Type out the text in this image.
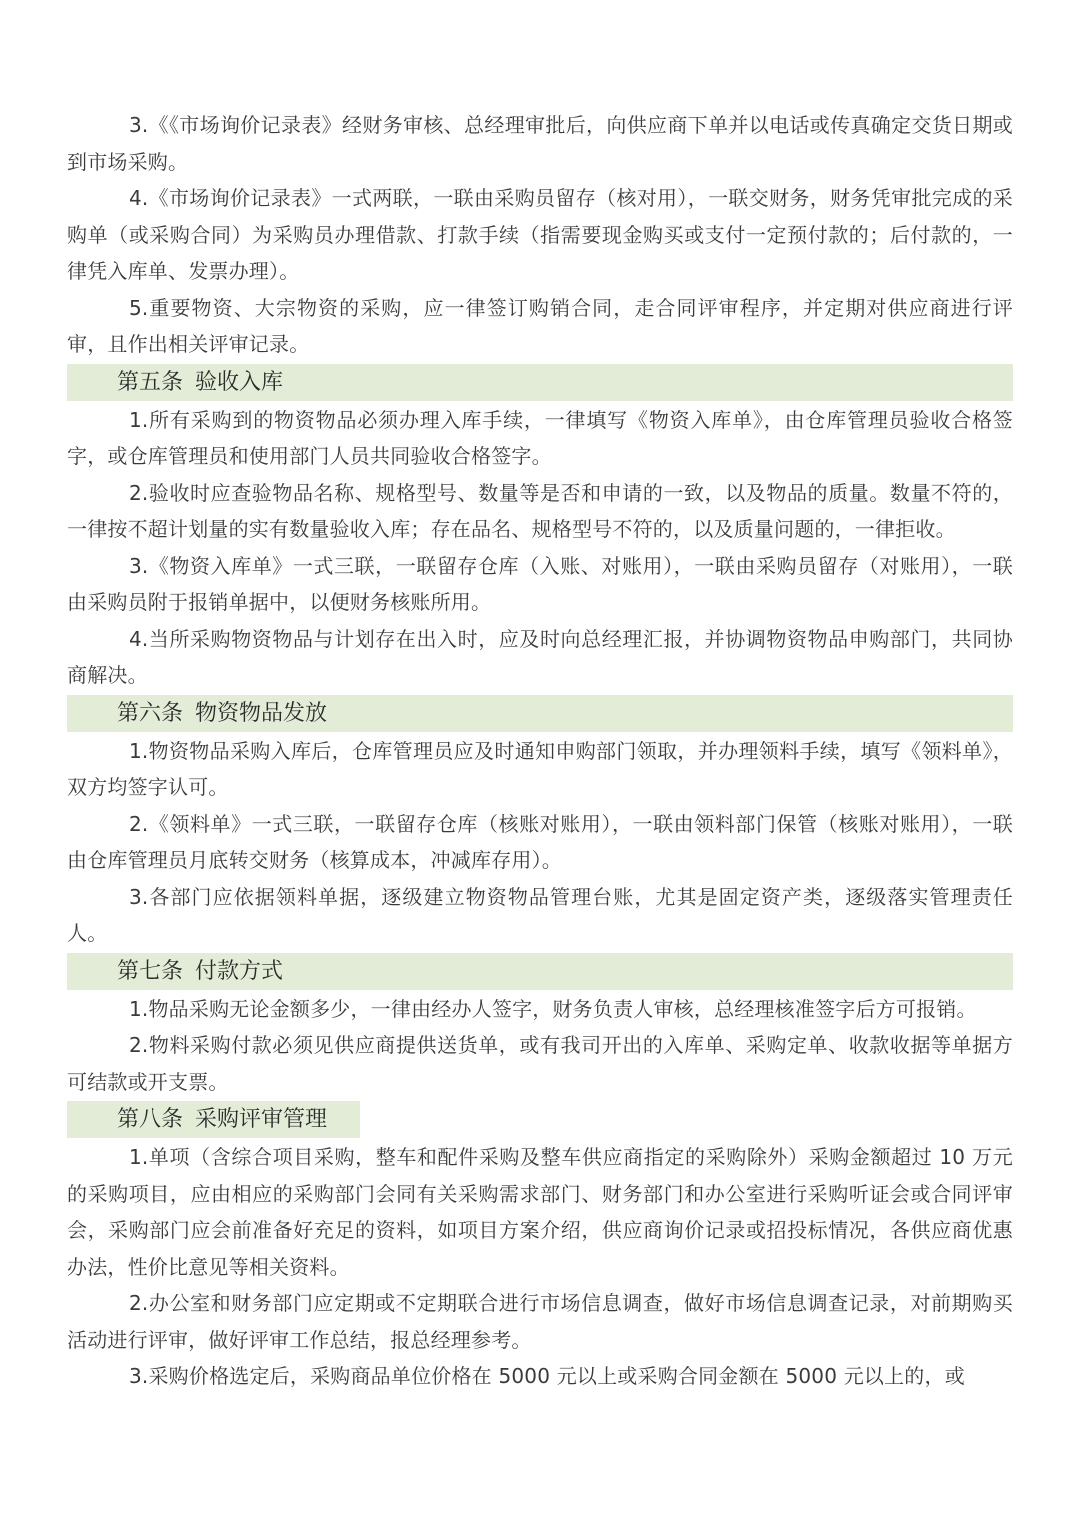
3.《《市场询价记录表》经财务审核、总经理审批后，向供应商下单并以电话或传真确定交货日期或到市场采购。

4.《市场询价记录表》一式两联，一联由采购员留存（核对用），一联交财务，财务凭审批完成的采购单（或采购合同）为采购员办理借款、打款手续（指需要现金购买或支付一定预付款的；后付款的，一律凭入库单、发票办理）。

5.重要物资、大宗物资的采购，应一律签订购销合同，走合同评审程序，并定期对供应商进行评审，且作出相关评审记录。

第五条 验收入库

1.所有采购到的物资物品必须办理入库手续，一律填写《物资入库单》，由仓库管理员验收合格签字，或仓库管理员和使用部门人员共同验收合格签字。

2.验收时应查验物品名称、规格型号、数量等是否和申请的一致，以及物品的质量。数量不符的，一律按不超计划量的实有数量验收入库；存在品名、规格型号不符的，以及质量问题的，一律拒收。

3.《物资入库单》一式三联，一联留存仓库（入账、对账用），一联由采购员留存（对账用），一联由采购员附于报销单据中，以便财务核账所用。

4.当所采购物资物品与计划存在出入时，应及时向总经理汇报，并协调物资物品申购部门，共同协商解决。

第六条 物资物品发放

1.物资物品采购入库后，仓库管理员应及时通知申购部门领取，并办理领料手续，填写《领料单》，双方均签字认可。

2.《领料单》一式三联，一联留存仓库（核账对账用），一联由领料部门保管（核账对账用），一联由仓库管理员月底转交财务（核算成本，冲减库存用）。

3.各部门应依据领料单据，逐级建立物资物品管理台账，尤其是固定资产类，逐级落实管理责任人。

第七条 付款方式

1.物品采购无论金额多少，一律由经办人签字，财务负责人审核，总经理核准签字后方可报销。

2.物料采购付款必须见供应商提供送货单，或有我司开出的入库单、采购定单、收款收据等单据方可结款或开支票。

第八条 采购评审管理

1.单项（含综合项目采购，整车和配件采购及整车供应商指定的采购除外）采购金额超过 10 万元的采购项目，应由相应的采购部门会同有关采购需求部门、财务部门和办公室进行采购听证会或合同评审会，采购部门应会前准备好充足的资料，如项目方案介绍，供应商询价记录或招投标情况，各供应商优惠办法，性价比意见等相关资料。

2.办公室和财务部门应定期或不定期联合进行市场信息调查，做好市场信息调查记录，对前期购买活动进行评审，做好评审工作总结，报总经理参考。

3.采购价格选定后，采购商品单位价格在 5000 元以上或采购合同金额在 5000 元以上的，或
